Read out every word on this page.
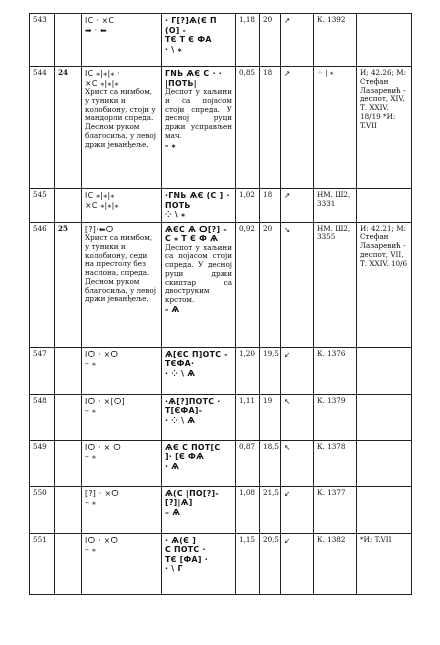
543		ΙC · ×C
➡ · ⬅	· Г[?]Ѧ(Є П
(О] -
ТЄ Т Є ФА
· \ ⁎	1,18	20	↗	К. 1392	
544	24	ΙC ⁎|⁎|⁎ ·
×C ⁎|⁎|⁎
Христ са нимбом, у туники и колобиону, стоји у мандорли спреда. Десном руком благосиља, у левој држи јеванђеље.	ГNЬ ѦЄ C · ·
|ПОТЬ|
Деспот у хаљини и са појасом стоји спреда. У десној руци држи усправљен мач.
- ⁎	0,85	18	↗	⁘ | ⁎	И; 42.26; М: Стефан Лазаревић - деспот, XIV, Т. XXIV. 18/19 *И: T.VII
545		ΙC ⁎|⁎|⁎
×C ⁎|⁎|⁎	·ГNЬ ѦЄ (С ] ·
ПОТЬ
⁘ \ ⁎	1,02	18	↗	НМ. Ш2, 3331	
546	25	[?]·⬅Ѻ
Христ са нимбом, у туники и колобиону, седи на престолу без наслона, спреда. Десном руком благосиља, у левој држи јеванђеље.	ѦЄC Ѧ Ѻ[?] -
C ⁎ Т Є Ф Ѧ
Деспот у хаљини са појасом стоји спреда. У десној руци држи скиптар са двоструким крстом.
- Ѧ	0,92	20	↘	НМ. Ш2, 3355	И: 42.21; М: Стефан Лазаревић - деспот, VII, Т. XXIV. 10/6
547		ΙѺ · ×Ѻ
– ⁎	Ѧ[ЄC П]ОТС -
ТЄФА·
· ⁘ \ Ѧ	1,20	19,5	↙	К. 1376	
548		ΙѺ · ×[Ѻ]
– ⁎	·Ѧ[?]ПОТС ·
Т[ЄФА]-
· ⁘ \ Ѧ	1,11	19	↖	К. 1379	
549		ΙѺ · × Ѻ
– ⁎	ѦЄ C ПОТ[С
]· [Є ФѦ
· Ѧ	0,87	18,5	↖	К. 1378	
550		[?] · ×Ѻ
– ⁎	Ѧ(С |ПО[?]-
[?]|Ѧ]
– Ѧ	1,08	21,5	↙	К. 1377	
551		ΙѺ · ×Ѻ
– ⁎	· Ѧ(Є ]
С ПОТС ·
ТЄ [ФА] ·
· \ Г	1,15	20,5	↙	К. 1382	*И: T.VII
